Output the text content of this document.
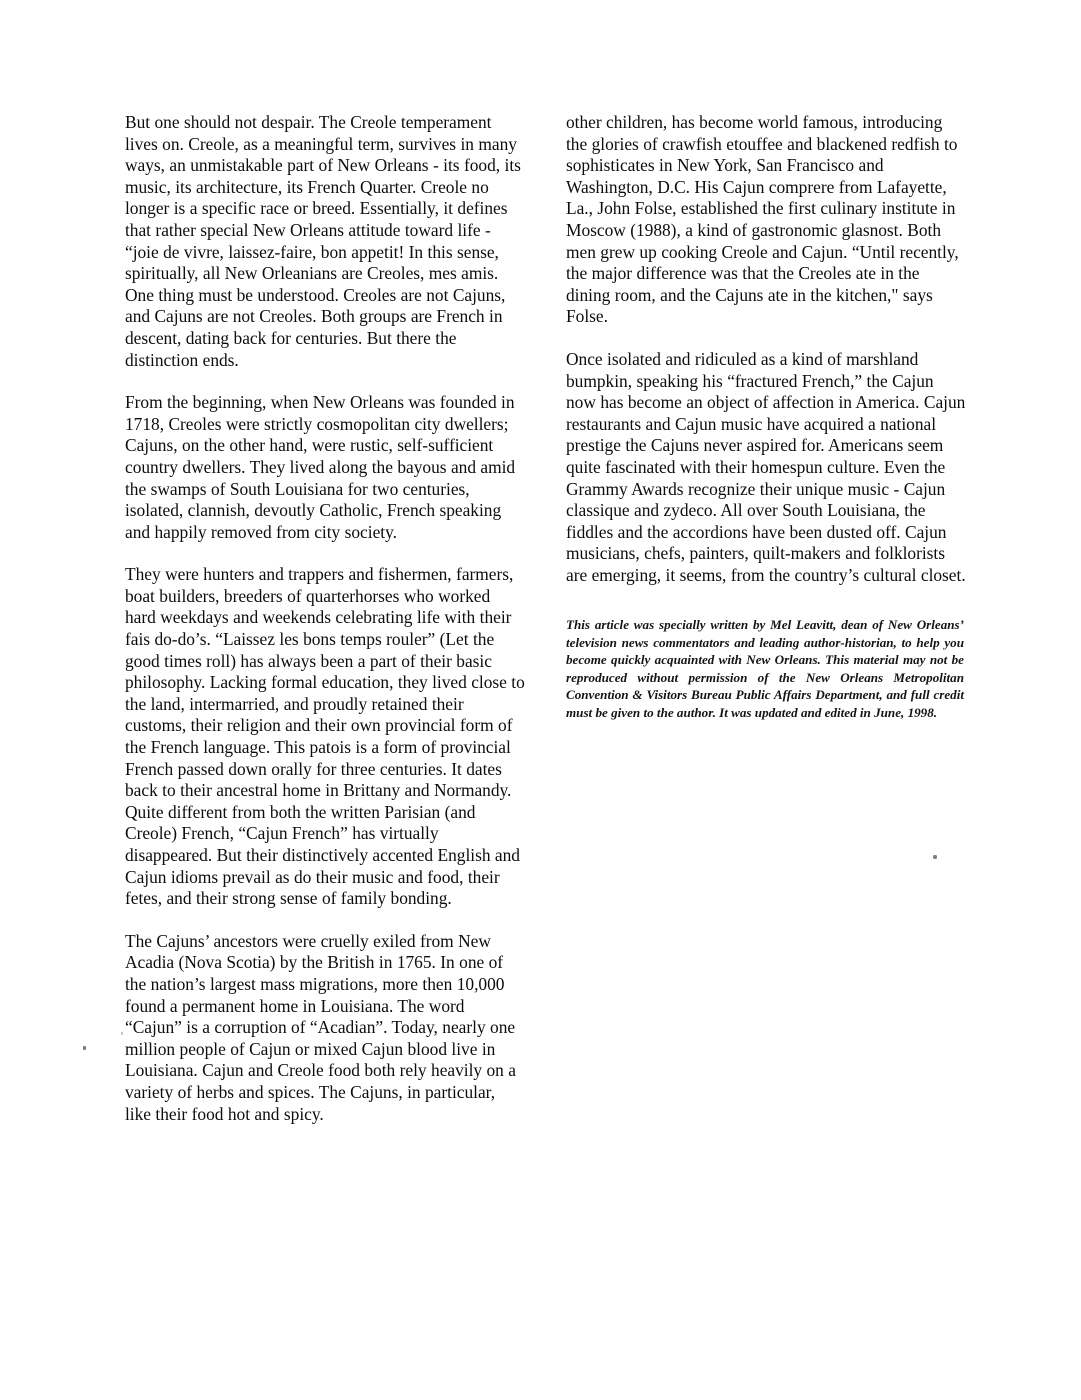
But one should not despair. The Creole temperament lives on. Creole, as a meaningful term, survives in many ways, an unmistakable part of New Orleans - its food, its music, its architecture, its French Quarter. Creole no longer is a specific race or breed. Essentially, it defines that rather special New Orleans attitude toward life - “joie de vivre, laissez-faire, bon appetit! In this sense, spiritually, all New Orleanians are Creoles, mes amis. One thing must be understood. Creoles are not Cajuns, and Cajuns are not Creoles. Both groups are French in descent, dating back for centuries. But there the distinction ends.

From the beginning, when New Orleans was founded in 1718, Creoles were strictly cosmopolitan city dwellers; Cajuns, on the other hand, were rustic, self-sufficient country dwellers. They lived along the bayous and amid the swamps of South Louisiana for two centuries, isolated, clannish, devoutly Catholic, French speaking and happily removed from city society.

They were hunters and trappers and fishermen, farmers, boat builders, breeders of quarterhorses who worked hard weekdays and weekends celebrating life with their fais do-do’s. “Laissez les bons temps rouler” (Let the good times roll) has always been a part of their basic philosophy. Lacking formal education, they lived close to the land, intermarried, and proudly retained their customs, their religion and their own provincial form of the French language. This patois is a form of provincial French passed down orally for three centuries. It dates back to their ancestral home in Brittany and Normandy. Quite different from both the written Parisian (and Creole) French, “Cajun French” has virtually disappeared. But their distinctively accented English and Cajun idioms prevail as do their music and food, their fetes, and their strong sense of family bonding.

The Cajuns’ ancestors were cruelly exiled from New Acadia (Nova Scotia) by the British in 1765. In one of the nation’s largest mass migrations, more then 10,000 found a permanent home in Louisiana. The word “Cajun” is a corruption of “Acadian”. Today, nearly one million people of Cajun or mixed Cajun blood live in Louisiana. Cajun and Creole food both rely heavily on a variety of herbs and spices. The Cajuns, in particular, like their food hot and spicy.

other children, has become world famous, introducing the glories of crawfish etouffee and blackened redfish to sophisticates in New York, San Francisco and Washington, D.C. His Cajun comprere from Lafayette, La., John Folse, established the first culinary institute in Moscow (1988), a kind of gastronomic glasnost. Both men grew up cooking Creole and Cajun. “Until recently, the major difference was that the Creoles ate in the dining room, and the Cajuns ate in the kitchen," says Folse.

Once isolated and ridiculed as a kind of marshland bumpkin, speaking his “fractured French,” the Cajun now has become an object of affection in America. Cajun restaurants and Cajun music have acquired a national prestige the Cajuns never aspired for. Americans seem quite fascinated with their homespun culture. Even the Grammy Awards recognize their unique music - Cajun classique and zydeco. All over South Louisiana, the fiddles and the accordions have been dusted off. Cajun musicians, chefs, painters, quilt-makers and folklorists are emerging, it seems, from the country’s cultural closet.

This article was specially written by Mel Leavitt, dean of New Orleans’ television news commentators and leading author-historian, to help you become quickly acquainted with New Orleans. This material may not be reproduced without permission of the New Orleans Metropolitan Convention & Visitors Bureau Public Affairs Department, and full credit must be given to the author. It was updated and edited in June, 1998.
